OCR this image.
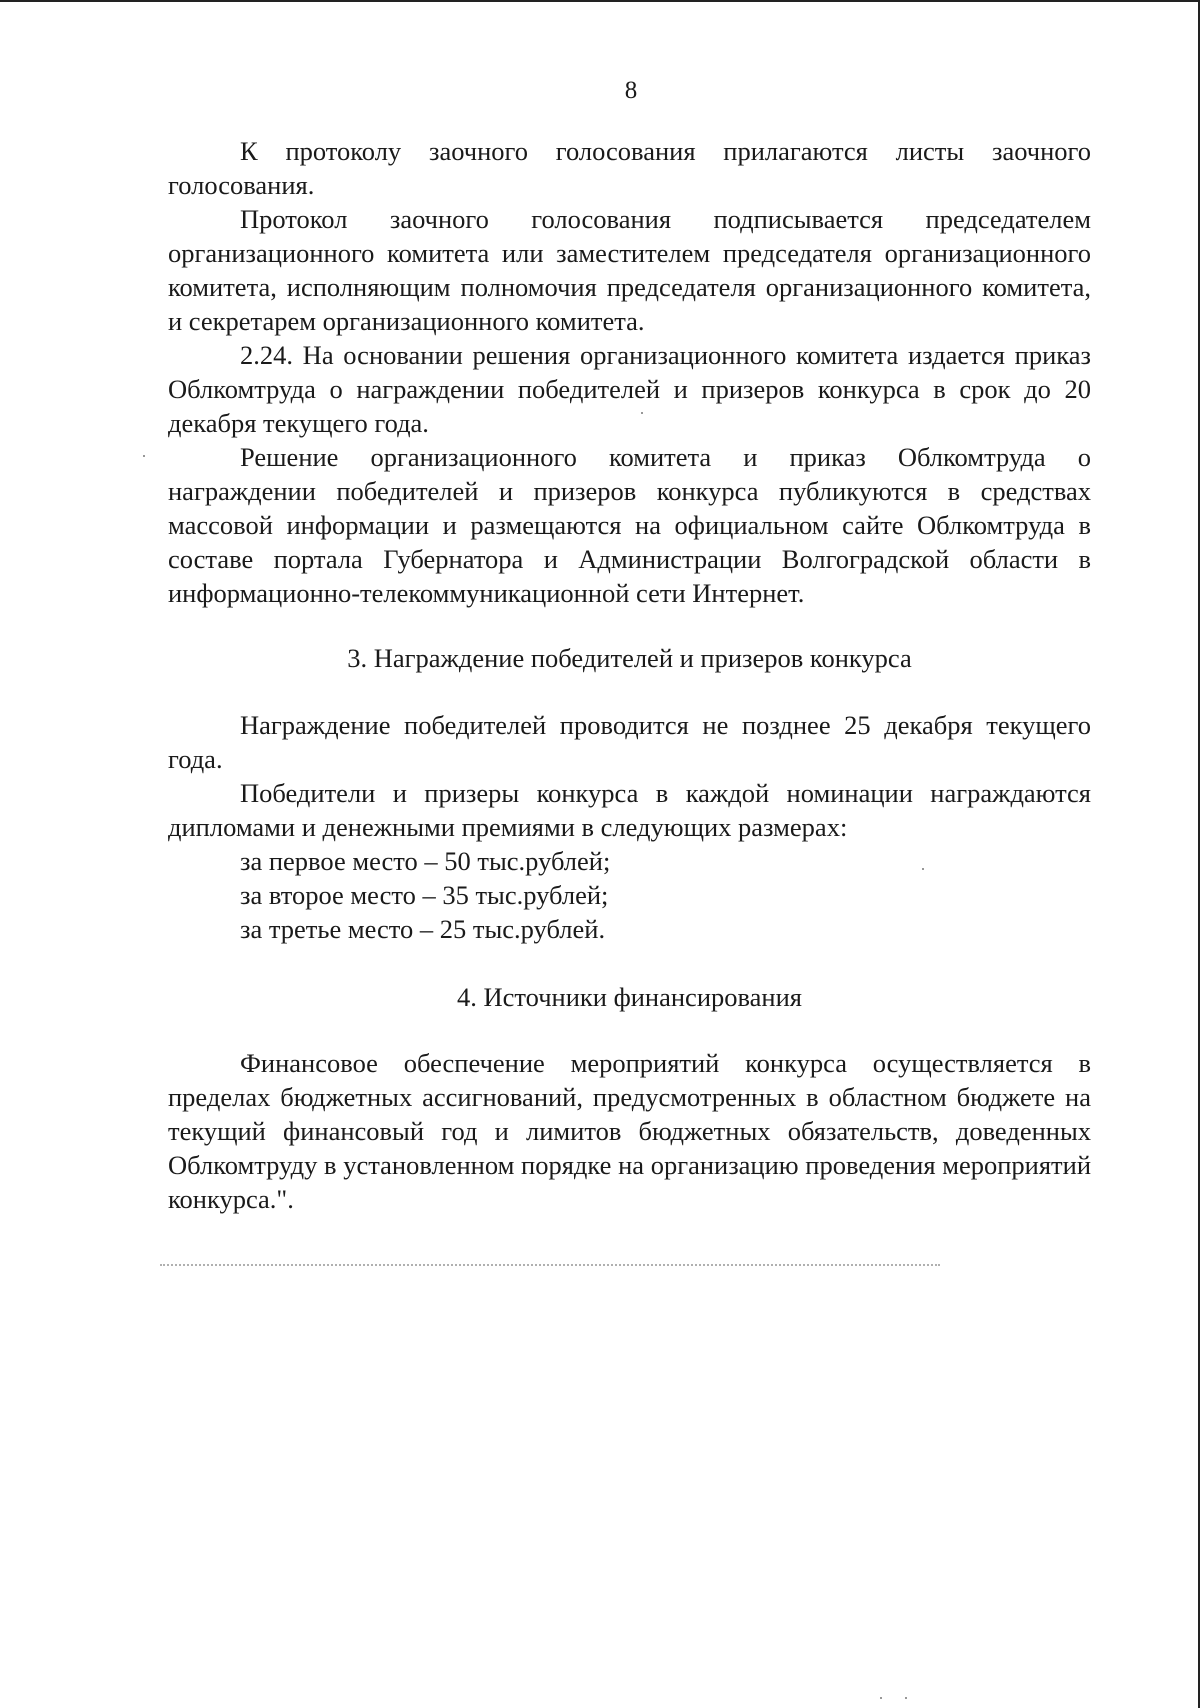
8

К протоколу заочного голосования прилагаются листы заочного голосования.

Протокол заочного голосования подписывается председателем организационного комитета или заместителем председателя организационного комитета, исполняющим полномочия председателя организационного комитета, и секретарем организационного комитета.

2.24. На основании решения организационного комитета издается приказ Облкомтруда о награждении победителей и призеров конкурса в срок до 20 декабря текущего года.

Решение организационного комитета и приказ Облкомтруда о награждении победителей и призеров конкурса публикуются в средствах массовой информации и размещаются на официальном сайте Облкомтруда в составе портала Губернатора и Администрации Волгоградской области в информационно-телекоммуникационной сети Интернет.

3. Награждение победителей и призеров конкурса

Награждение победителей проводится не позднее 25 декабря текущего года.

Победители и призеры конкурса в каждой номинации награждаются дипломами и денежными премиями в следующих размерах:

за первое место – 50 тыс.рублей;

за второе место – 35 тыс.рублей;

за третье место – 25 тыс.рублей.

4. Источники финансирования

Финансовое обеспечение мероприятий конкурса осуществляется в пределах бюджетных ассигнований, предусмотренных в областном бюджете на текущий финансовый год и лимитов бюджетных обязательств, доведенных Облкомтруду в установленном порядке на организацию проведения мероприятий конкурса.".
